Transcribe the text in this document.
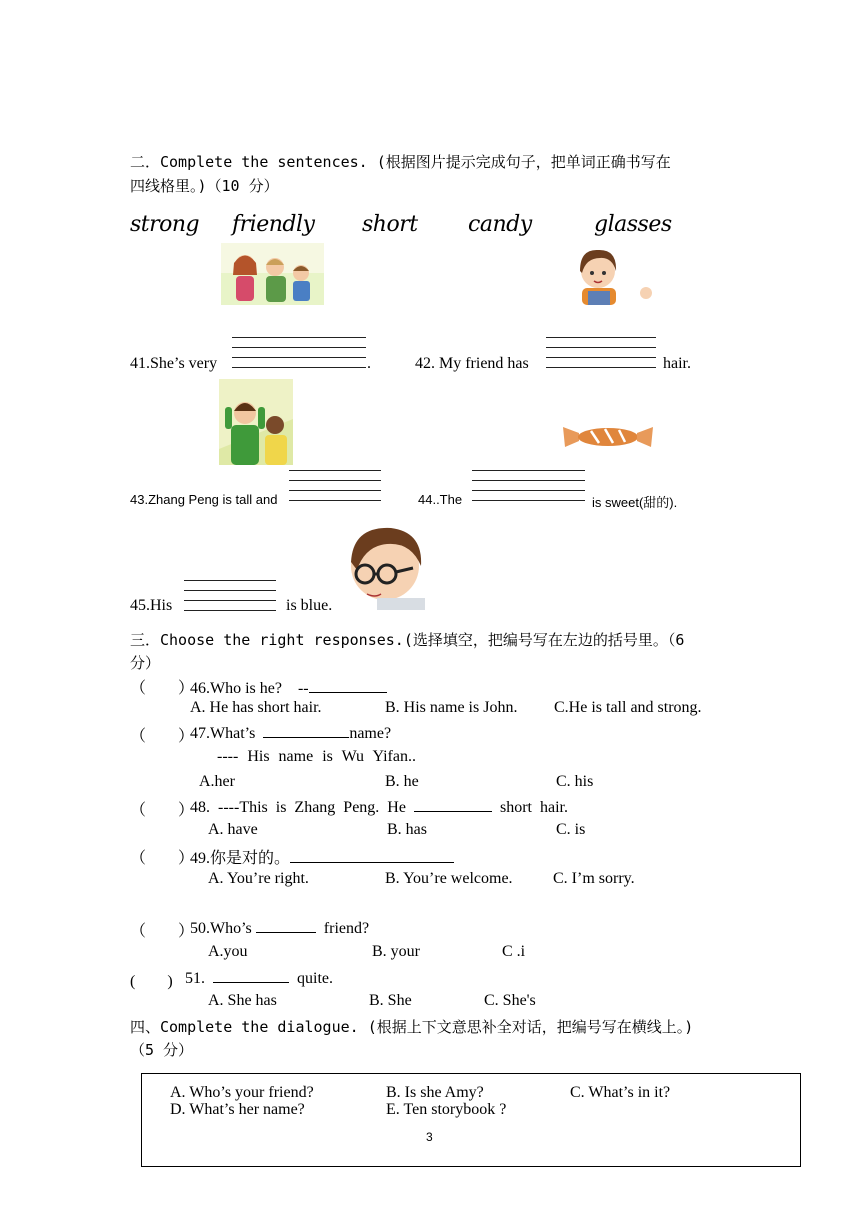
二．Complete the sentences. (根据图片提示完成句子，把单词正确书写在
四线格里。)（10 分）
strong friendly short candy	glasses
41.She’s very	.	42. My friend has	hair.
43.Zhang Peng is tall and	44..The	is sweet(甜的).
45.His	is blue.
三．Choose the right responses.(选择填空，把编号写在左边的括号里。（6
分）
（　　）
46.Who is he?　--
A. He has short hair.	B. His name is John. C.He is tall and strong.
（　　）
47.What’s	name?
---- His name is Wu Yifan..
A.her	B. he	C. his
（　　）
48. ----This is Zhang Peng. He	short hair.
A. have	B. has	C. is
（　　）
49.你是对的。
A. You’re right.	B. You’re welcome.	C. I’m sorry.
（　　）
50.Who’s	friend?
A.you	B. your	C .i
(　　) 51.	quite.
A. She has	B. She	C. She's
四、Complete the dialogue. (根据上下文意思补全对话，把编号写在横线上。)
（5 分）
A. Who’s your friend?	B. Is she Amy?	C. What’s in it?
D. What’s her name?	E. Ten storybook ?
3
